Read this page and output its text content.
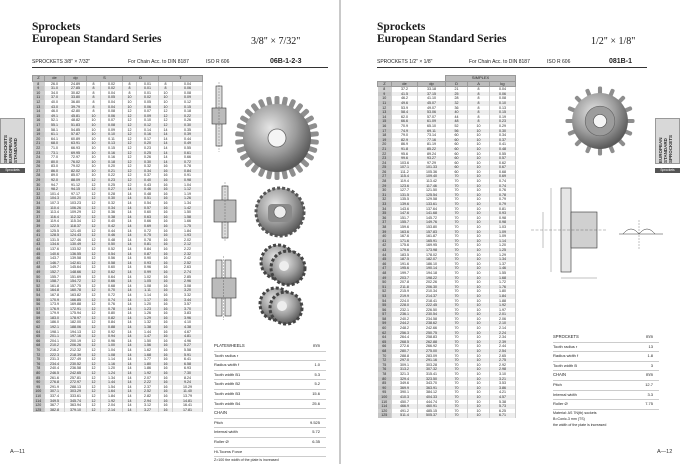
Sprockets
European Standard Series	3/8" × 7/32"
SPROCKETS 3/8" × 7/32"	For Chain Acc. to DIN 8187	ISO R 606	06B-1-2-3
SPROCKETS
EUROPEAN STANDARD
Sprockets
Z	de	dp	S		D		T	
8	26.0	24.89	8	0.02	8	0.01	8	0.04
9	31.0	27.85	8	0.02	8	0.01	8	0.06
10	34.0	30.82	8	0.04	8	0.01	10	0.08
11	37.0	33.80	8	0.05	10	0.02	10	0.09
12	40.0	36.80	8	0.04	10	0.05	10	0.12
13	43.0	39.79	8	0.04	10	0.06	10	0.15
14	46.0	42.80	8	0.08	12	0.07	12	0.18
15	49.1	45.81	10	0.06	12	0.09	12	0.22
16	52.1	48.82	10	0.07	12	0.10	12	0.26
17	55.1	51.83	10	0.08	12	0.12	12	0.30
18	58.1	54.85	10	0.09	12	0.14	14	0.35
19	61.1	57.87	10	0.10	12	0.16	14	0.39
20	64.1	60.89	10	0.11	12	0.17	14	0.44
21	68.0	63.91	10	0.13	12	0.20	14	0.49
22	71.0	66.93	10	0.15	12	0.23	14	0.55
23	73.1	69.95	10	0.16	12	0.25	14	0.61
24	77.0	72.97	10	0.16	12	0.26	14	0.66
25	80.0	76.02	10	0.18	12	0.30	14	0.72
26	83.0	79.02	10	0.20	12	0.32	16	0.78
27	86.0	82.02	10	0.21	12	0.34	16	0.84
28	89.0	85.07	10	0.22	12	0.37	16	0.91
29	92.0	88.09	12	0.23	12	0.40	16	0.98
30	94.7	91.12	12	0.25	12	0.43	16	1.04
31	98.2	94.15	12	0.27	14	0.46	16	1.12
32	101.4	97.17	12	0.28	14	0.48	16	1.19
33	104.3	100.20	12	0.30	14	0.51	16	1.26
34	107.3	103.23	12	0.32	14	0.54	16	1.34
35	110.4	106.26	12	0.34	14	0.57	16	1.42
36	113.4	109.29	12	0.36	14	0.60	16	1.50
37	116.4	112.32	12	0.38	14	0.63	16	1.58
38	119.4	115.34	12	0.40	14	0.66	16	1.66
39	122.5	118.37	12	0.42	14	0.69	16	1.75
40	125.5	121.40	12	0.44	14	0.72	16	1.84
41	128.5	124.43	12	0.46	14	0.75	16	1.93
42	131.5	127.46	12	0.48	14	0.78	16	2.02
43	134.6	130.49	12	0.50	14	0.81	16	2.12
44	137.6	133.52	12	0.52	14	0.84	16	2.22
45	140.6	136.55	12	0.54	14	0.87	16	2.32
46	143.7	139.58	12	0.56	14	0.90	16	2.42
47	146.7	142.61	12	0.58	14	0.93	16	2.52
48	149.7	145.64	12	0.60	14	0.96	16	2.63
49	152.7	148.66	12	0.62	14	0.99	16	2.74
50	155.7	151.69	12	0.64	14	1.02	16	2.85
51	158.7	154.72	12	0.66	14	1.05	16	2.96
52	161.8	157.75	12	0.68	14	1.08	16	3.08
53	164.8	160.78	12	0.70	14	1.11	16	3.20
54	167.8	163.82	12	0.72	14	1.14	16	3.32
55	170.9	166.85	12	0.74	14	1.17	16	3.44
56	173.9	169.88	12	0.76	14	1.20	16	3.57
57	176.9	172.91	12	0.78	14	1.23	16	3.70
58	179.9	175.94	12	0.80	14	1.26	16	3.83
59	183.0	178.97	12	0.82	14	1.29	16	3.96
60	186.0	182.00	12	0.84	14	1.32	16	4.10
62	192.1	188.06	12	0.88	14	1.38	16	4.38
64	198.1	194.13	12	0.92	14	1.44	16	4.67
65	201.1	197.16	12	0.94	14	1.47	16	4.81
66	204.1	200.19	12	0.96	14	1.50	16	4.96
68	210.2	206.26	12	1.00	14	1.56	16	5.27
70	216.2	212.32	12	1.04	14	1.62	16	5.58
72	222.3	218.39	12	1.08	14	1.68	16	5.91
75	231.3	227.49	12	1.14	14	1.77	16	6.41
76	234.4	230.52	12	1.16	14	1.80	16	6.58
78	240.4	236.58	12	1.20	14	1.86	16	6.93
80	246.5	242.65	12	1.24	14	1.92	16	7.30
85	261.6	257.81	12	1.34	14	2.07	16	8.24
90	276.8	272.97	12	1.44	14	2.22	16	9.24
95	291.9	288.13	12	1.54	14	2.37	16	10.29
100	307.1	303.29	12	1.64	14	2.52	16	11.40
110	337.4	333.61	12	1.84	14	2.82	16	13.79
114	349.5	345.74	12	1.92	14	2.94	16	14.81
120	367.7	363.94	12	2.04	14	3.12	16	16.41
125	382.8	379.10	12	2.14	14	3.27	16	17.81
PLATEWHEELS	mm
Tooth radius r
Radius width f	1.0
Tooth width B1	5.3
Tooth width B2	5.2
Tooth width B3	15.6
Tooth width B4	25.6
CHAIN
Pitch	9.525
Internal width	5.72
Roller Ø	6.35
Hi-Tooms Force
Z>100 the width of the plate is increased
A—11
Sprockets
European Standard Series	1/2" × 1/8"
SPROCKETS 1/2" × 1/8"	For Chain Acc. to DIN 8187	ISO R 606	081B-1
EUROPEAN STANDARD
SPROCKETS
Sprockets
			SIMPLEX		
Z	de	dp	D	A	kg
8	37.2	33.18	21	8	0.04
9	41.5	37.15	25	8	0.06
10	46.2	41.10	28	8	0.08
11	49.6	45.07	32	8	0.10
12	53.9	49.07	36	8	0.13
13	58.4	53.06	40	8	0.15
14	62.0	57.07	44	8	0.19
15	66.6	61.09	48	8	0.23
16	70.9	65.10	52	10	0.29
17	74.9	69.11	56	10	0.30
18	79.0	73.14	60	10	0.34
19	82.9	77.16	60	10	0.37
20	86.9	81.19	60	10	0.41
21	91.8	85.22	60	10	0.48
22	95.6	89.24	60	10	0.55
23	99.6	93.27	60	10	0.57
24	103.6	97.29	60	10	0.62
25	107.1	101.33	60	10	0.67
26	111.2	105.36	60	10	0.68
27	115.4	109.40	70	10	0.69
28	119.4	113.42	70	10	0.74
29	123.6	117.46	70	10	0.74
30	127.7	121.50	70	10	0.76
31	131.5	125.54	70	10	0.78
32	135.5	129.58	70	10	0.79
33	139.6	133.61	70	10	0.79
34	143.6	137.64	70	10	0.81
35	147.6	141.68	70	10	0.93
36	151.7	145.72	70	10	0.98
37	155.7	149.76	70	10	0.98
38	159.6	153.80	70	10	1.03
39	163.6	157.83	70	10	1.09
40	167.6	161.87	70	10	1.09
41	171.6	165.91	70	10	1.14
42	175.6	169.95	70	10	1.20
43	179.6	173.98	70	10	1.25
44	183.5	178.02	70	10	1.29
45	187.5	182.07	70	10	1.34
46	191.6	186.10	70	10	1.37
47	195.6	190.14	70	10	1.46
48	199.7	194.18	70	10	1.55
49	203.7	198.22	70	10	1.68
50	207.8	202.26	70	10	1.72
51	211.8	206.30	70	10	1.76
52	215.9	210.34	70	10	1.80
53	219.9	214.37	70	10	1.84
54	224.0	218.41	70	10	1.88
55	228.0	222.45	70	10	1.92
56	232.1	226.50	70	10	1.97
57	236.1	230.54	70	10	2.01
58	240.2	234.58	70	10	2.06
59	244.2	238.62	70	10	2.10
60	248.2	242.66	70	10	2.14
62	256.3	250.75	70	10	2.24
64	264.4	258.83	70	10	2.34
65	268.5	262.88	70	10	2.39
66	272.6	266.92	70	10	2.44
68	280.7	275.00	70	10	2.54
70	288.8	283.09	70	10	2.65
72	297.0	291.16	70	10	2.75
75	309.1	303.28	70	10	2.92
76	313.2	307.32	70	10	2.98
78	321.3	315.41	70	10	3.10
80	329.4	323.50	70	10	3.21
85	349.6	343.70	70	10	3.53
90	369.9	363.91	70	10	3.86
95	390.1	384.12	70	10	4.21
100	410.3	404.33	70	10	4.57
110	450.7	444.74	70	10	5.38
114	466.9	460.91	70	10	5.73
120	491.2	485.15	70	10	6.25
125	511.4	505.37	70	10	6.71
SPROCKETS	mm
Tooth radius r	13
Radius width f	1.8
Tooth width B	3
CHAIN	mm
Pitch	12.7
Internal width	3.3
Roller Ø	7.75
Material: AS 7N(tb) sockets
B=Conic-3 mm (TS)
the width of the plate is increased
A—12
